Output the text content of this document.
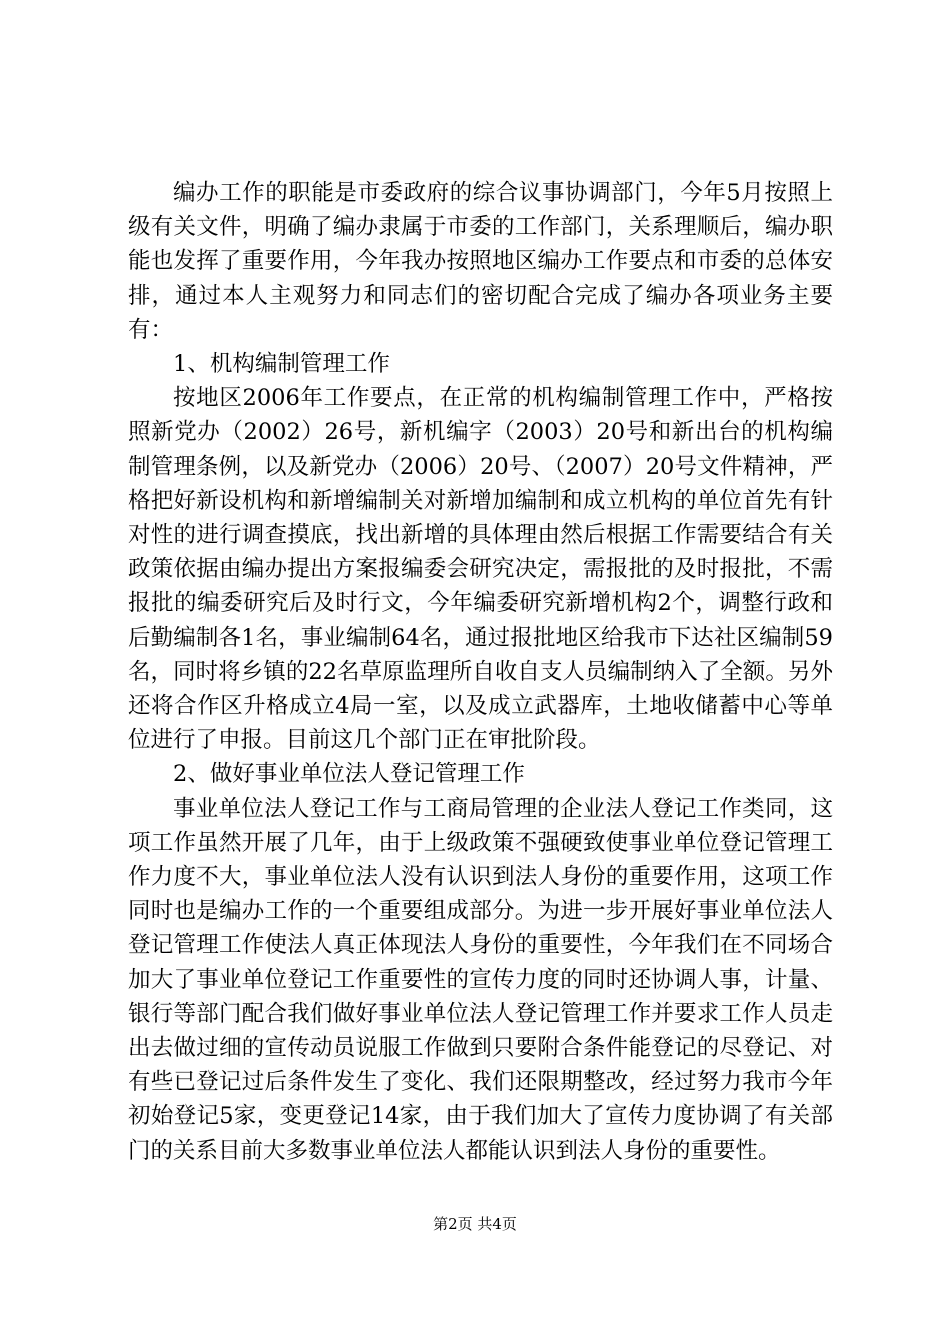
编办工作的职能是市委政府的综合议事协调部门，今年5月按照上级有关文件，明确了编办隶属于市委的工作部门，关系理顺后，编办职能也发挥了重要作用，今年我办按照地区编办工作要点和市委的总体安排，通过本人主观努力和同志们的密切配合完成了编办各项业务主要有：

1、机构编制管理工作

按地区2006年工作要点，在正常的机构编制管理工作中，严格按照新党办（2002）26号，新机编字（2003）20号和新出台的机构编制管理条例，以及新党办（2006）20号、（2007）20号文件精神，严格把好新设机构和新增编制关对新增加编制和成立机构的单位首先有针对性的进行调查摸底，找出新增的具体理由然后根据工作需要结合有关政策依据由编办提出方案报编委会研究决定，需报批的及时报批，不需报批的编委研究后及时行文，今年编委研究新增机构2个，调整行政和后勤编制各1名，事业编制64名，通过报批地区给我市下达社区编制59名，同时将乡镇的22名草原监理所自收自支人员编制纳入了全额。另外还将合作区升格成立4局一室，以及成立武器库，土地收储蓄中心等单位进行了申报。目前这几个部门正在审批阶段。

2、做好事业单位法人登记管理工作

事业单位法人登记工作与工商局管理的企业法人登记工作类同，这项工作虽然开展了几年，由于上级政策不强硬致使事业单位登记管理工作力度不大，事业单位法人没有认识到法人身份的重要作用，这项工作同时也是编办工作的一个重要组成部分。为进一步开展好事业单位法人登记管理工作使法人真正体现法人身份的重要性，今年我们在不同场合加大了事业单位登记工作重要性的宣传力度的同时还协调人事，计量、银行等部门配合我们做好事业单位法人登记管理工作并要求工作人员走出去做过细的宣传动员说服工作做到只要附合条件能登记的尽登记、对有些已登记过后条件发生了变化、我们还限期整改，经过努力我市今年初始登记5家，变更登记14家，由于我们加大了宣传力度协调了有关部门的关系目前大多数事业单位法人都能认识到法人身份的重要性。

第2页 共4页
